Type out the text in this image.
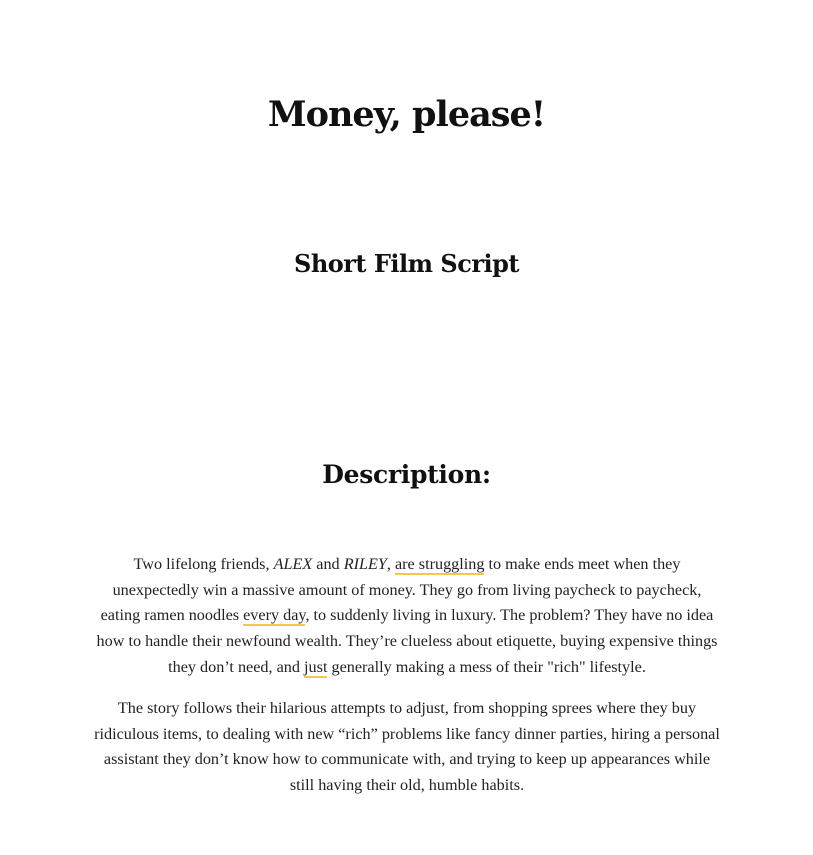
Money, please!
Short Film Script
Description:

Two lifelong friends, ALEX and RILEY, are struggling to make ends meet when they unexpectedly win a massive amount of money. They go from living paycheck to paycheck, eating ramen noodles every day, to suddenly living in luxury. The problem? They have no idea how to handle their newfound wealth. They’re clueless about etiquette, buying expensive things they don’t need, and just generally making a mess of their "rich" lifestyle.

The story follows their hilarious attempts to adjust, from shopping sprees where they buy ridiculous items, to dealing with new “rich” problems like fancy dinner parties, hiring a personal assistant they don’t know how to communicate with, and trying to keep up appearances while still having their old, humble habits.
